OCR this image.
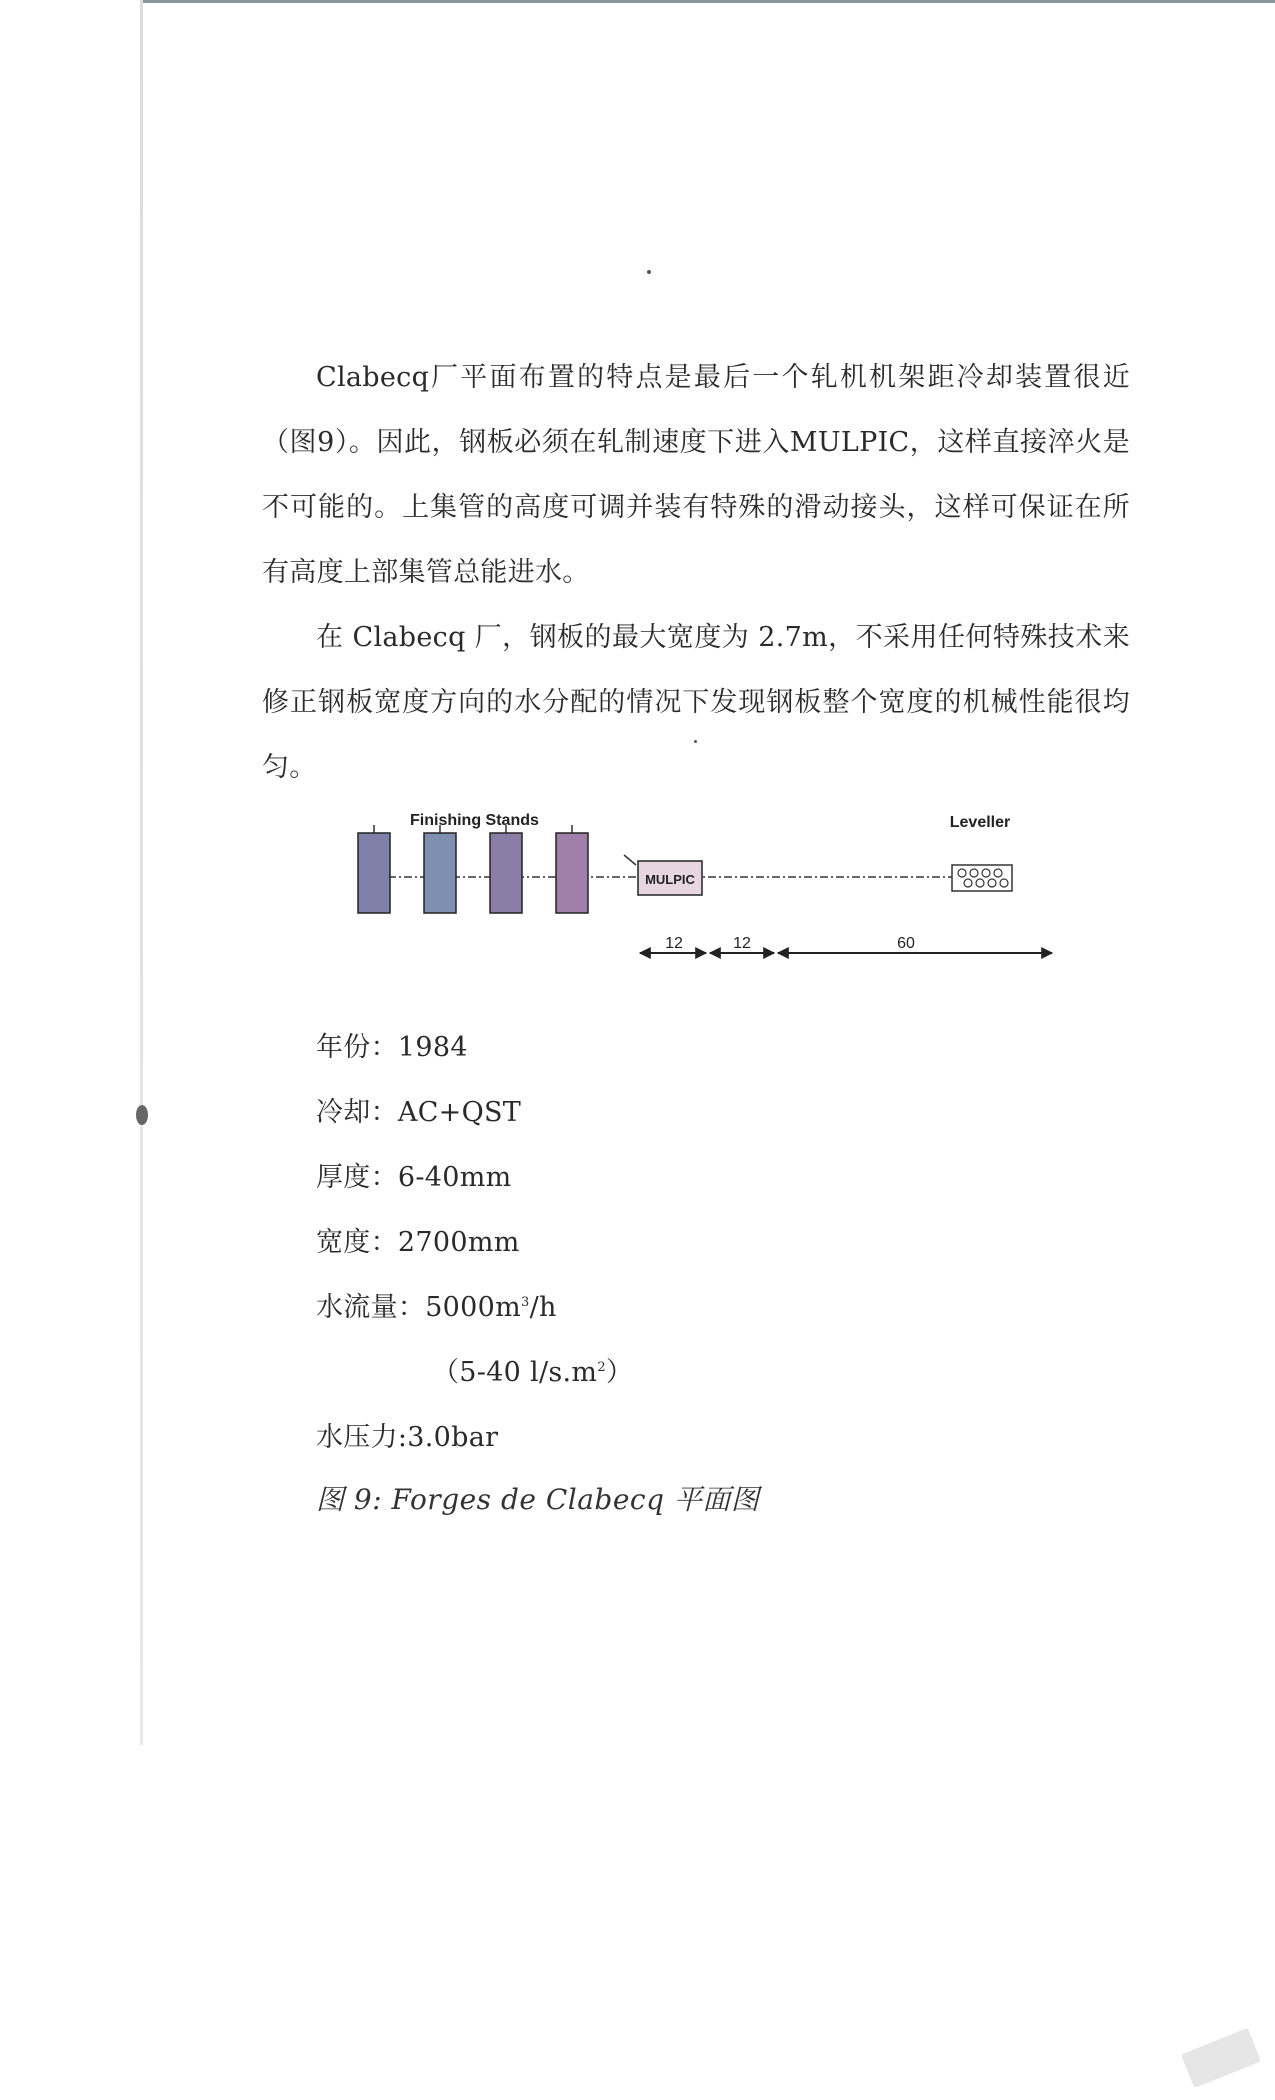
Clabecq厂平面布置的特点是最后一个轧机机架距冷却装置很近（图9）。因此，钢板必须在轧制速度下进入MULPIC，这样直接淬火是不可能的。上集管的高度可调并装有特殊的滑动接头，这样可保证在所有高度上部集管总能进水。

在 Clabecq 厂，钢板的最大宽度为 2.7m，不采用任何特殊技术来修正钢板宽度方向的水分配的情况下发现钢板整个宽度的机械性能很均匀。

Finishing Stands
MULPIC
Leveller
12	12	60

年份：1984

冷却：AC+QST

厚度：6-40mm

宽度：2700mm

水流量：$5000m^3/h$

（5-40 $l/s.m^2$）

水压力:3.0bar

图 9: Forges de Clabecq 平面图
